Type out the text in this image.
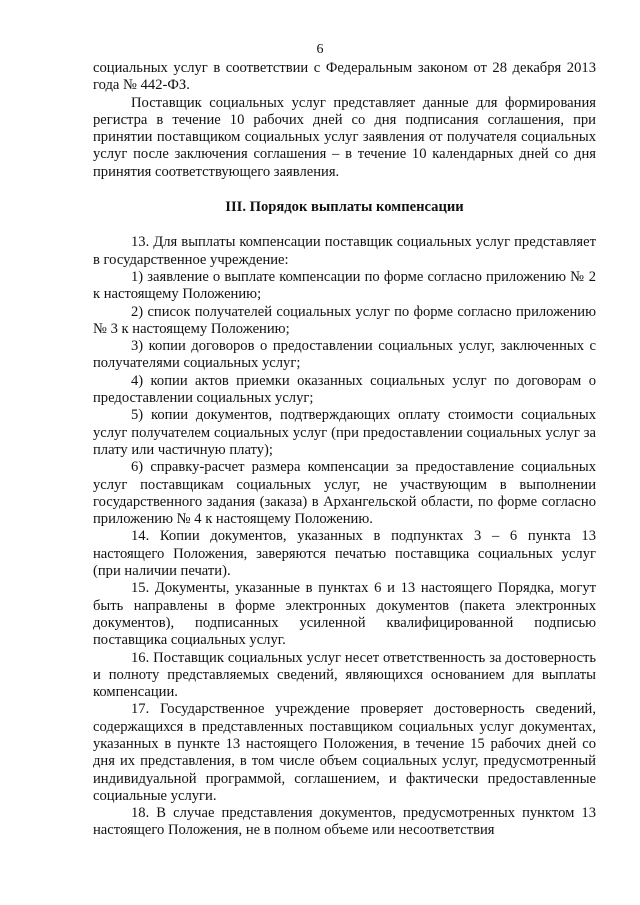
6

социальных услуг в соответствии с Федеральным законом от 28 декабря 2013 года № 442-ФЗ.

Поставщик социальных услуг представляет данные для формирования регистра в течение 10 рабочих дней со дня подписания соглашения, при принятии поставщиком социальных услуг заявления от получателя социальных услуг после заключения соглашения – в течение 10 календарных дней со дня принятия соответствующего заявления.

III. Порядок выплаты компенсации

13. Для выплаты компенсации поставщик социальных услуг представляет в государственное учреждение:

1) заявление о выплате компенсации по форме согласно приложению № 2 к настоящему Положению;

2) список получателей социальных услуг по форме согласно приложению № 3 к настоящему Положению;

3) копии договоров о предоставлении социальных услуг, заключенных с получателями социальных услуг;

4) копии актов приемки оказанных социальных услуг по договорам о предоставлении социальных услуг;

5) копии документов, подтверждающих оплату стоимости социальных услуг получателем социальных услуг (при предоставлении социальных услуг за плату или частичную плату);

6) справку-расчет размера компенсации за предоставление социальных услуг поставщикам социальных услуг, не участвующим в выполнении государственного задания (заказа) в Архангельской области, по форме согласно приложению № 4 к настоящему Положению.

14. Копии документов, указанных в подпунктах 3 – 6 пункта 13 настоящего Положения, заверяются печатью поставщика социальных услуг (при наличии печати).

15. Документы, указанные в пунктах 6 и 13 настоящего Порядка, могут быть направлены в форме электронных документов (пакета электронных документов), подписанных усиленной квалифицированной подписью поставщика социальных услуг.

16. Поставщик социальных услуг несет ответственность за достоверность и полноту представляемых сведений, являющихся основанием для выплаты компенсации.

17. Государственное учреждение проверяет достоверность сведений, содержащихся в представленных поставщиком социальных услуг документах, указанных в пункте 13 настоящего Положения, в течение 15 рабочих дней со дня их представления, в том числе объем социальных услуг, предусмотренный индивидуальной программой, соглашением, и фактически предоставленные социальные услуги.

18. В случае представления документов, предусмотренных пунктом 13 настоящего Положения, не в полном объеме или несоответствия
